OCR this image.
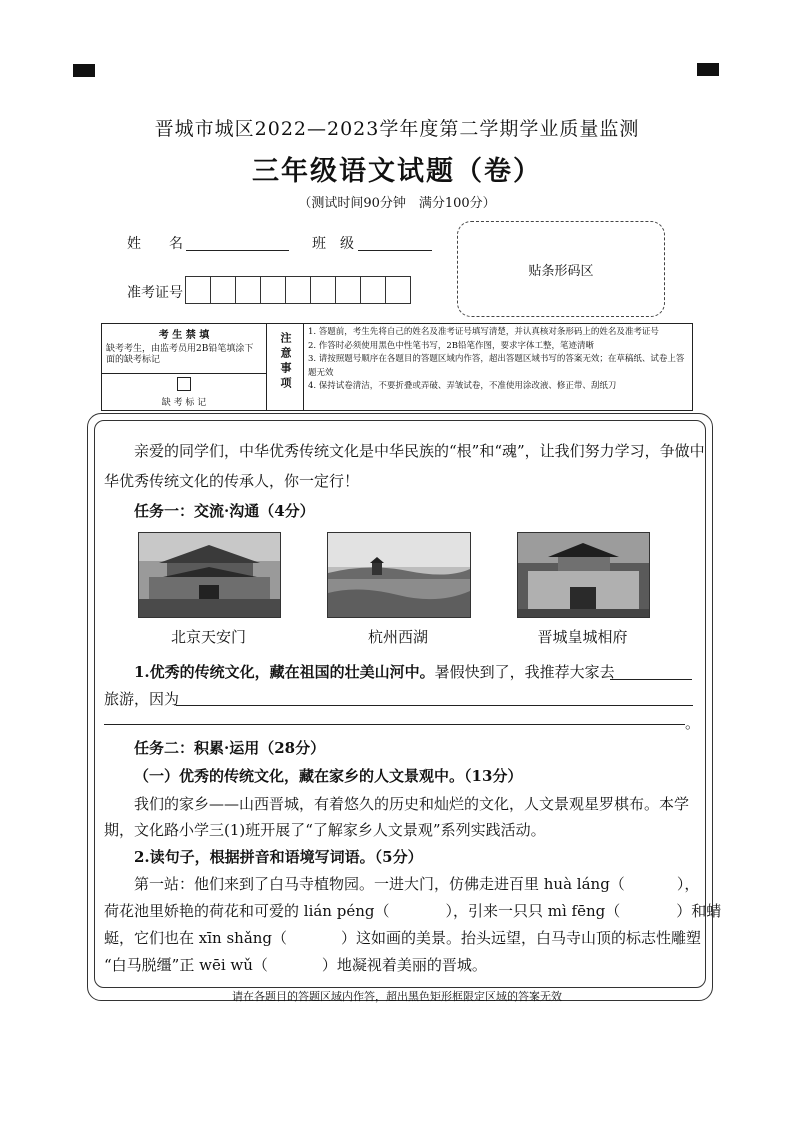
晋城市城区2022—2023学年度第二学期学业质量监测
三年级语文试题（卷）
（测试时间90分钟　满分100分）
姓　　名	班　级
准考证号
贴条形码区
考 生 禁 填
缺考考生，由监考员用2B铅笔填涂下面的缺考标记
缺 考 标 记
注意事项 1. 答题前，考生先将自己的姓名及准考证号填写清楚，并认真核对条形码上的姓名及准考证号
2. 作答时必须使用黑色中性笔书写，2B铅笔作图，要求字体工整，笔迹清晰
3. 请按照题号顺序在各题目的答题区域内作答，超出答题区域书写的答案无效；在草稿纸、试卷上答题无效
4. 保持试卷清洁，不要折叠或弄破、弄皱试卷，不准使用涂改液、修正带、刮纸刀
亲爱的同学们，中华优秀传统文化是中华民族的“根”和“魂”，让我们努力学习，争做中
华优秀传统文化的传承人，你一定行！
任务一：交流·沟通（4分）
北京天安门	杭州西湖	晋城皇城相府
1.优秀的传统文化，藏在祖国的壮美山河中。暑假快到了，我推荐大家去
旅游，因为
。
任务二：积累·运用（28分）
（一）优秀的传统文化，藏在家乡的人文景观中。（13分）
我们的家乡——山西晋城，有着悠久的历史和灿烂的文化，人文景观星罗棋布。本学
期，文化路小学三(1)班开展了“了解家乡人文景观”系列实践活动。
2.读句子，根据拼音和语境写词语。（5分）
第一站：他们来到了白马寺植物园。一进大门，仿佛走进百里 huà láng（	），
荷花池里娇艳的荷花和可爱的 lián péng（	），引来一只只 mì fēng（	）和蜻
蜓，它们也在 xīn shǎng（	）这如画的美景。抬头远望，白马寺山顶的标志性雕塑
“白马脱缰”正 wēi wǔ（	）地凝视着美丽的晋城。
请在各题目的答题区域内作答，超出黑色矩形框限定区域的答案无效
